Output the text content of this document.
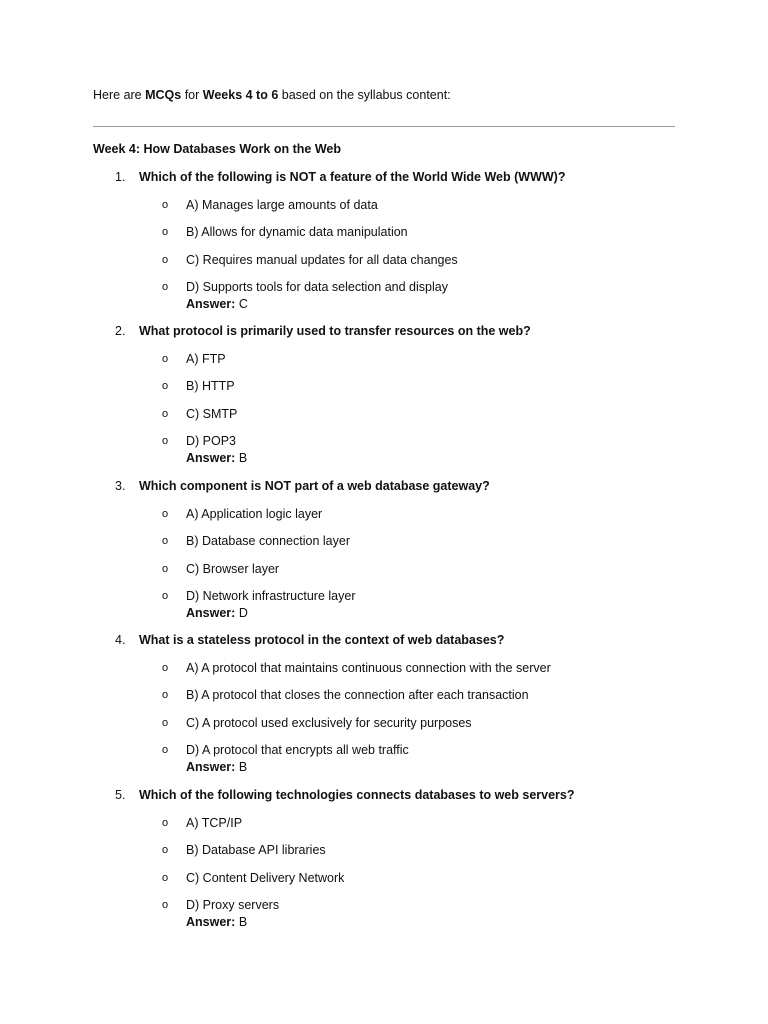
Here are MCQs for Weeks 4 to 6 based on the syllabus content:
Week 4: How Databases Work on the Web
1. Which of the following is NOT a feature of the World Wide Web (WWW)?
o A) Manages large amounts of data
o B) Allows for dynamic data manipulation
o C) Requires manual updates for all data changes
o D) Supports tools for data selection and display
Answer: C
2. What protocol is primarily used to transfer resources on the web?
o A) FTP
o B) HTTP
o C) SMTP
o D) POP3
Answer: B
3. Which component is NOT part of a web database gateway?
o A) Application logic layer
o B) Database connection layer
o C) Browser layer
o D) Network infrastructure layer
Answer: D
4. What is a stateless protocol in the context of web databases?
o A) A protocol that maintains continuous connection with the server
o B) A protocol that closes the connection after each transaction
o C) A protocol used exclusively for security purposes
o D) A protocol that encrypts all web traffic
Answer: B
5. Which of the following technologies connects databases to web servers?
o A) TCP/IP
o B) Database API libraries
o C) Content Delivery Network
o D) Proxy servers
Answer: B
